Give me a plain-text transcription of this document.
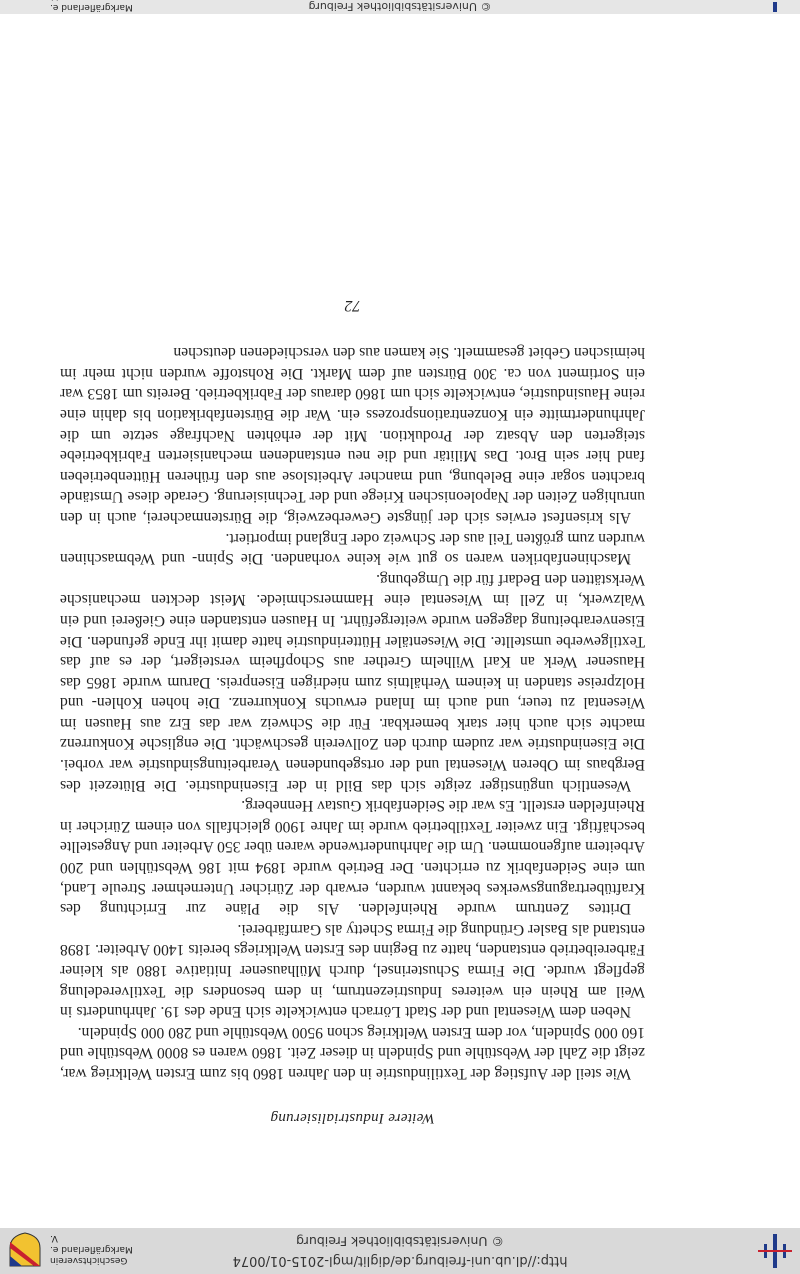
http://dl.ub.uni-freiburg.de/diglit/mgl-2015-01/0074
© Universitätsbibliothek Freiburg
Geschichtsverein
Markgräflerland e. V.
Weitere Industrialisierung

Wie steil der Aufstieg der Textilindustrie in den Jahren 1860 bis zum Ersten Weltkrieg war, zeigt die Zahl der Webstühle und Spindeln in dieser Zeit. 1860 waren es 8000 Webstühle und 160 000 Spindeln, vor dem Ersten Weltkrieg schon 9500 Webstühle und 280 000 Spindeln.

Neben dem Wiesental und der Stadt Lörrach entwickelte sich Ende des 19. Jahrhunderts in Weil am Rhein ein weiteres Industriezentrum, in dem besonders die Textilveredelung gepflegt wurde. Die Firma Schusterinsel, durch Mülhausener Initiative 1880 als kleiner Färbereibetrieb entstanden, hatte zu Beginn des Ersten Weltkriegs bereits 1400 Arbeiter. 1898 entstand als Basler Gründung die Firma Schetty als Garnfärberei.

Drittes Zentrum wurde Rheinfelden. Als die Pläne zur Errichtung des Kraftübertragungswerkes bekannt wurden, erwarb der Züricher Unternehmer Streule Land, um eine Seidenfabrik zu errichten. Der Betrieb wurde 1894 mit 186 Webstühlen und 200 Arbeitern aufgenommen. Um die Jahrhundertwende waren über 350 Arbeiter und Angestellte beschäftigt. Ein zweiter Textilbetrieb wurde im Jahre 1900 gleichfalls von einem Züricher in Rheinfelden erstellt. Es war die Seidenfabrik Gustav Henneberg.

Wesentlich ungünstiger zeigte sich das Bild in der Eisenindustrie. Die Blütezeit des Bergbaus im Oberen Wiesental und der ortsgebundenen Verarbeitungsindustrie war vorbei. Die Eisenindustrie war zudem durch den Zollverein geschwächt. Die englische Konkurrenz machte sich auch hier stark bemerkbar. Für die Schweiz war das Erz aus Hausen im Wiesental zu teuer, und auch im Inland erwuchs Konkurrenz. Die hohen Kohlen- und Holzpreise standen in keinem Verhältnis zum niedrigen Eisenpreis. Darum wurde 1865 das Hausener Werk an Karl Wilhelm Grether aus Schopfheim versteigert, der es auf das Textilgewerbe umstellte. Die Wiesentäler Hütterindustrie hatte damit ihr Ende gefunden. Die Eisenverarbeitung dagegen wurde weitergeführt. In Hausen entstanden eine Gießerei und ein Walzwerk, in Zell im Wiesental eine Hammerschmiede. Meist deckten mechanische Werkstätten den Bedarf für die Umgebung.

Maschinenfabriken waren so gut wie keine vorhanden. Die Spinn- und Webmaschinen wurden zum größten Teil aus der Schweiz oder England importiert.

Als krisenfest erwies sich der jüngste Gewerbezweig, die Bürstenmacherei, auch in den unruhigen Zeiten der Napoleonischen Kriege und der Technisierung. Gerade diese Umstände brachten sogar eine Belebung, und mancher Arbeitslose aus den früheren Hüttenbetrieben fand hier sein Brot. Das Militär und die neu entstandenen mechanisierten Fabrikbetriebe steigerten den Absatz der Produktion. Mit der erhöhten Nachfrage setzte um die Jahrhundertmitte ein Konzentrationsprozess ein. War die Bürstenfabrikation bis dahin eine reine Hausindustrie, entwickelte sich um 1860 daraus der Fabrikbetrieb. Bereits um 1853 war ein Sortiment von ca. 300 Bürsten auf dem Markt. Die Rohstoffe wurden nicht mehr im heimischen Gebiet gesammelt. Sie kamen aus den verschiedenen deutschen

72
© Universitätsbibliothek Freiburg
Markgräflerland e.
